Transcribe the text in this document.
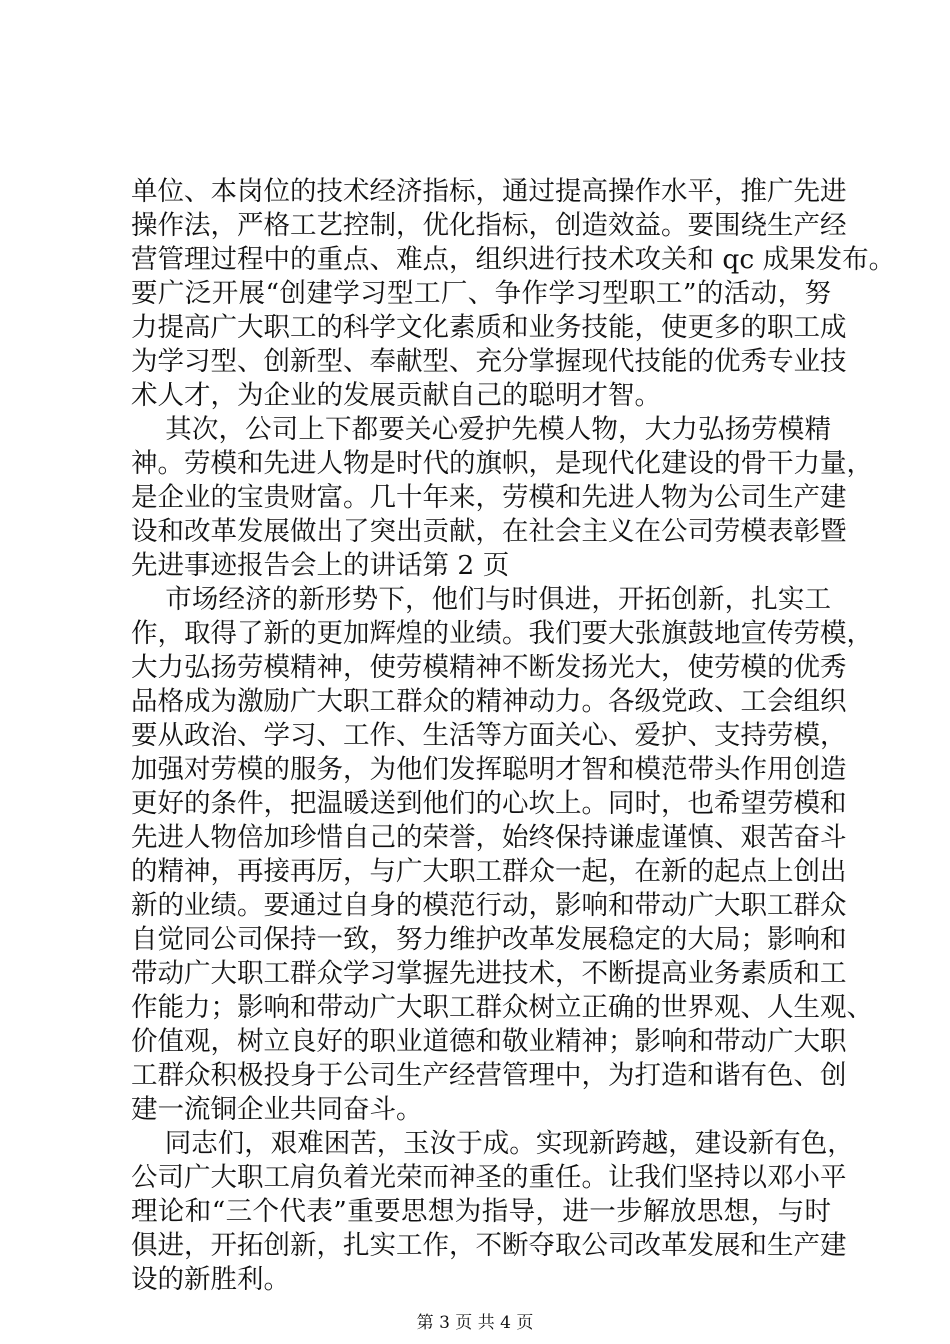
单位、本岗位的技术经济指标，通过提高操作水平，推广先进
操作法，严格工艺控制，优化指标，创造效益。要围绕生产经
营管理过程中的重点、难点，组织进行技术攻关和 qc 成果发布。
要广泛开展“创建学习型工厂、争作学习型职工”的活动，努
力提高广大职工的科学文化素质和业务技能，使更多的职工成
为学习型、创新型、奉献型、充分掌握现代技能的优秀专业技
术人才，为企业的发展贡献自己的聪明才智。
其次，公司上下都要关心爱护先模人物，大力弘扬劳模精
神。劳模和先进人物是时代的旗帜，是现代化建设的骨干力量，
是企业的宝贵财富。几十年来，劳模和先进人物为公司生产建
设和改革发展做出了突出贡献，在社会主义在公司劳模表彰暨
先进事迹报告会上的讲话第 2 页
市场经济的新形势下，他们与时俱进，开拓创新，扎实工
作，取得了新的更加辉煌的业绩。我们要大张旗鼓地宣传劳模，
大力弘扬劳模精神，使劳模精神不断发扬光大，使劳模的优秀
品格成为激励广大职工群众的精神动力。各级党政、工会组织
要从政治、学习、工作、生活等方面关心、爱护、支持劳模，
加强对劳模的服务，为他们发挥聪明才智和模范带头作用创造
更好的条件，把温暖送到他们的心坎上。同时，也希望劳模和
先进人物倍加珍惜自己的荣誉，始终保持谦虚谨慎、艰苦奋斗
的精神，再接再厉，与广大职工群众一起，在新的起点上创出
新的业绩。要通过自身的模范行动，影响和带动广大职工群众
自觉同公司保持一致，努力维护改革发展稳定的大局；影响和
带动广大职工群众学习掌握先进技术，不断提高业务素质和工
作能力；影响和带动广大职工群众树立正确的世界观、人生观、
价值观，树立良好的职业道德和敬业精神；影响和带动广大职
工群众积极投身于公司生产经营管理中，为打造和谐有色、创
建一流铜企业共同奋斗。
同志们，艰难困苦，玉汝于成。实现新跨越，建设新有色，
公司广大职工肩负着光荣而神圣的重任。让我们坚持以邓小平
理论和“三个代表”重要思想为指导，进一步解放思想，与时
俱进，开拓创新，扎实工作，不断夺取公司改革发展和生产建
设的新胜利。
第 3 页 共 4 页
